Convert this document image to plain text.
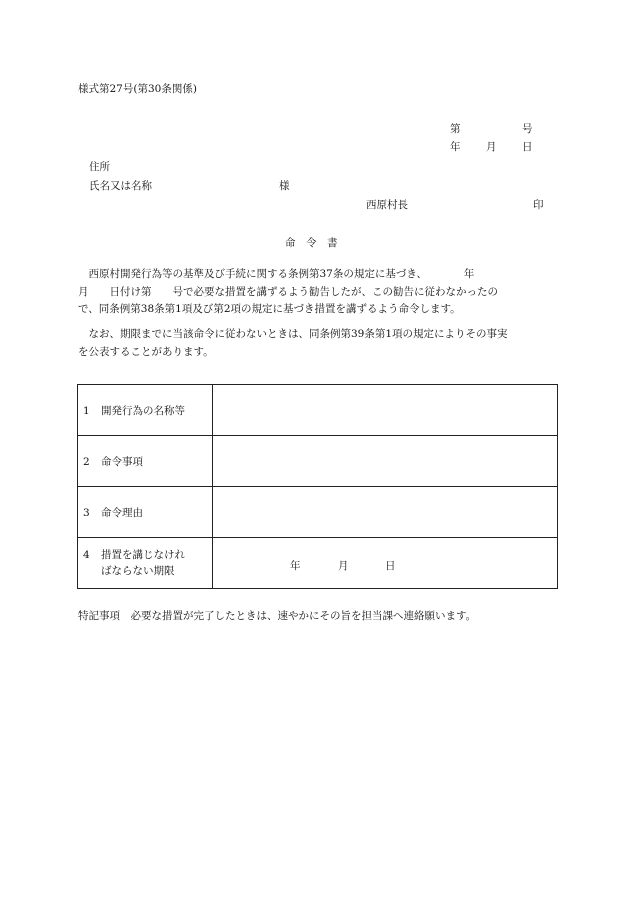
様式第27号(第30条関係)
第	号
年 月 日
住所
氏名又は名称	様
西原村長	印
命　令　書
　西原村開発行為等の基準及び手続に関する条例第37条の規定に基づき、　　　　年
月　　日付け第　　号で必要な措置を講ずるよう勧告したが、この勧告に従わなかったの
で、同条例第38条第1項及び第2項の規定に基づき措置を講ずるよう命令します。
　なお、期限までに当該命令に従わないときは、同条例第39条第1項の規定によりその事実
を公表することがあります。
1 開発行為の名称等	
2 命令事項	
3 命令理由	

4 措置を講じなけれ
ばならない期限	年 月 日
特記事項　必要な措置が完了したときは、速やかにその旨を担当課へ連絡願います。
